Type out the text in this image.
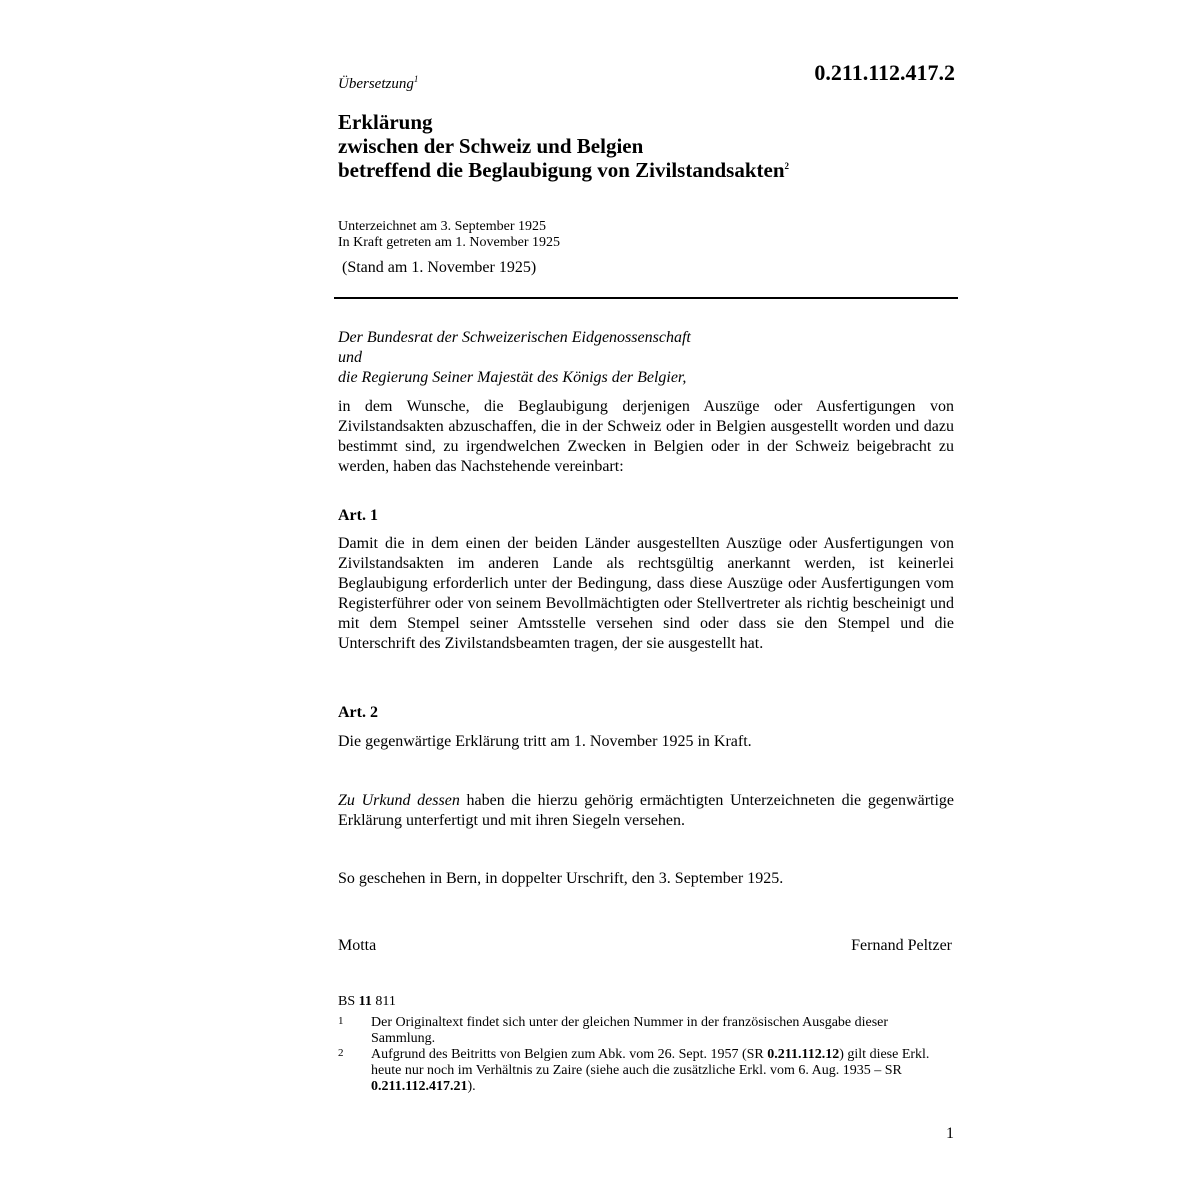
0.211.112.417.2
Übersetzung$^1$
Erklärung
zwischen der Schweiz und Belgien
betreffend die Beglaubigung von Zivilstandsakten$^2$
Unterzeichnet am 3. September 1925
In Kraft getreten am 1. November 1925
(Stand am 1. November 1925)
Der Bundesrat der Schweizerischen Eidgenossenschaft
und
die Regierung Seiner Majestät des Königs der Belgier,
in dem Wunsche, die Beglaubigung derjenigen Auszüge oder Ausfertigungen von Zivilstandsakten abzuschaffen, die in der Schweiz oder in Belgien ausgestellt worden und dazu bestimmt sind, zu irgendwelchen Zwecken in Belgien oder in der Schweiz beigebracht zu werden, haben das Nachstehende vereinbart:
Art. 1
Damit die in dem einen der beiden Länder ausgestellten Auszüge oder Ausfertigungen von Zivilstandsakten im anderen Lande als rechtsgültig anerkannt werden, ist keinerlei Beglaubigung erforderlich unter der Bedingung, dass diese Auszüge oder Ausfertigungen vom Registerführer oder von seinem Bevollmächtigten oder Stellvertreter als richtig bescheinigt und mit dem Stempel seiner Amtsstelle versehen sind oder dass sie den Stempel und die Unterschrift des Zivilstandsbeamten tragen, der sie ausgestellt hat.
Art. 2
Die gegenwärtige Erklärung tritt am 1. November 1925 in Kraft.
Zu Urkund dessen haben die hierzu gehörig ermächtigten Unterzeichneten die gegenwärtige Erklärung unterfertigt und mit ihren Siegeln versehen.
So geschehen in Bern, in doppelter Urschrift, den 3. September 1925.
Motta	Fernand Peltzer
BS 11 811
1 Der Originaltext findet sich unter der gleichen Nummer in der französischen Ausgabe dieser Sammlung.
2 Aufgrund des Beitritts von Belgien zum Abk. vom 26. Sept. 1957 (SR 0.211.112.12) gilt diese Erkl. heute nur noch im Verhältnis zu Zaire (siehe auch die zusätzliche Erkl. vom 6. Aug. 1935 – SR 0.211.112.417.21).
1
